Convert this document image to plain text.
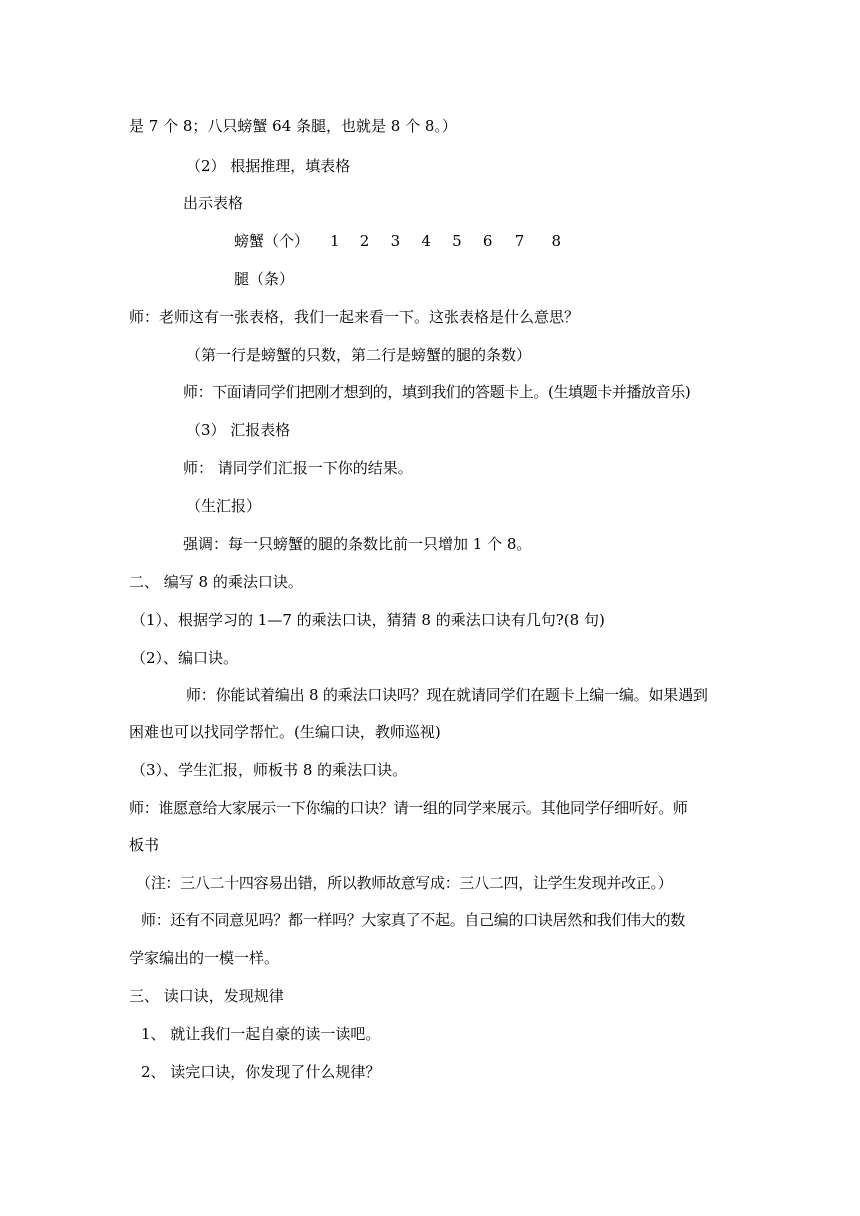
是 7 个 8；八只螃蟹 64 条腿，也就是 8 个 8。）
（2） 根据推理，填表格
出示表格
螃蟹（个） 1 2 3 4 5 6 7 8
腿（条）
师：老师这有一张表格，我们一起来看一下。这张表格是什么意思？
（第一行是螃蟹的只数，第二行是螃蟹的腿的条数）
师：下面请同学们把刚才想到的，填到我们的答题卡上。(生填题卡并播放音乐)
（3） 汇报表格
师： 请同学们汇报一下你的结果。
（生汇报）
强调：每一只螃蟹的腿的条数比前一只增加 1 个 8。
二、 编写 8 的乘法口诀。
（1）、根据学习的 1—7 的乘法口诀，猜猜 8 的乘法口诀有几句?(8 句)
（2）、编口诀。
师：你能试着编出 8 的乘法口诀吗？现在就请同学们在题卡上编一编。如果遇到
困难也可以找同学帮忙。(生编口诀，教师巡视)
（3）、学生汇报，师板书 8 的乘法口诀。
师：谁愿意给大家展示一下你编的口诀？请一组的同学来展示。其他同学仔细听好。师
板书
（注：三八二十四容易出错，所以教师故意写成：三八二四，让学生发现并改正。）
师：还有不同意见吗？都一样吗？大家真了不起。自己编的口诀居然和我们伟大的数
学家编出的一模一样。
三、 读口诀，发现规律
1、 就让我们一起自豪的读一读吧。
2、 读完口诀，你发现了什么规律？
